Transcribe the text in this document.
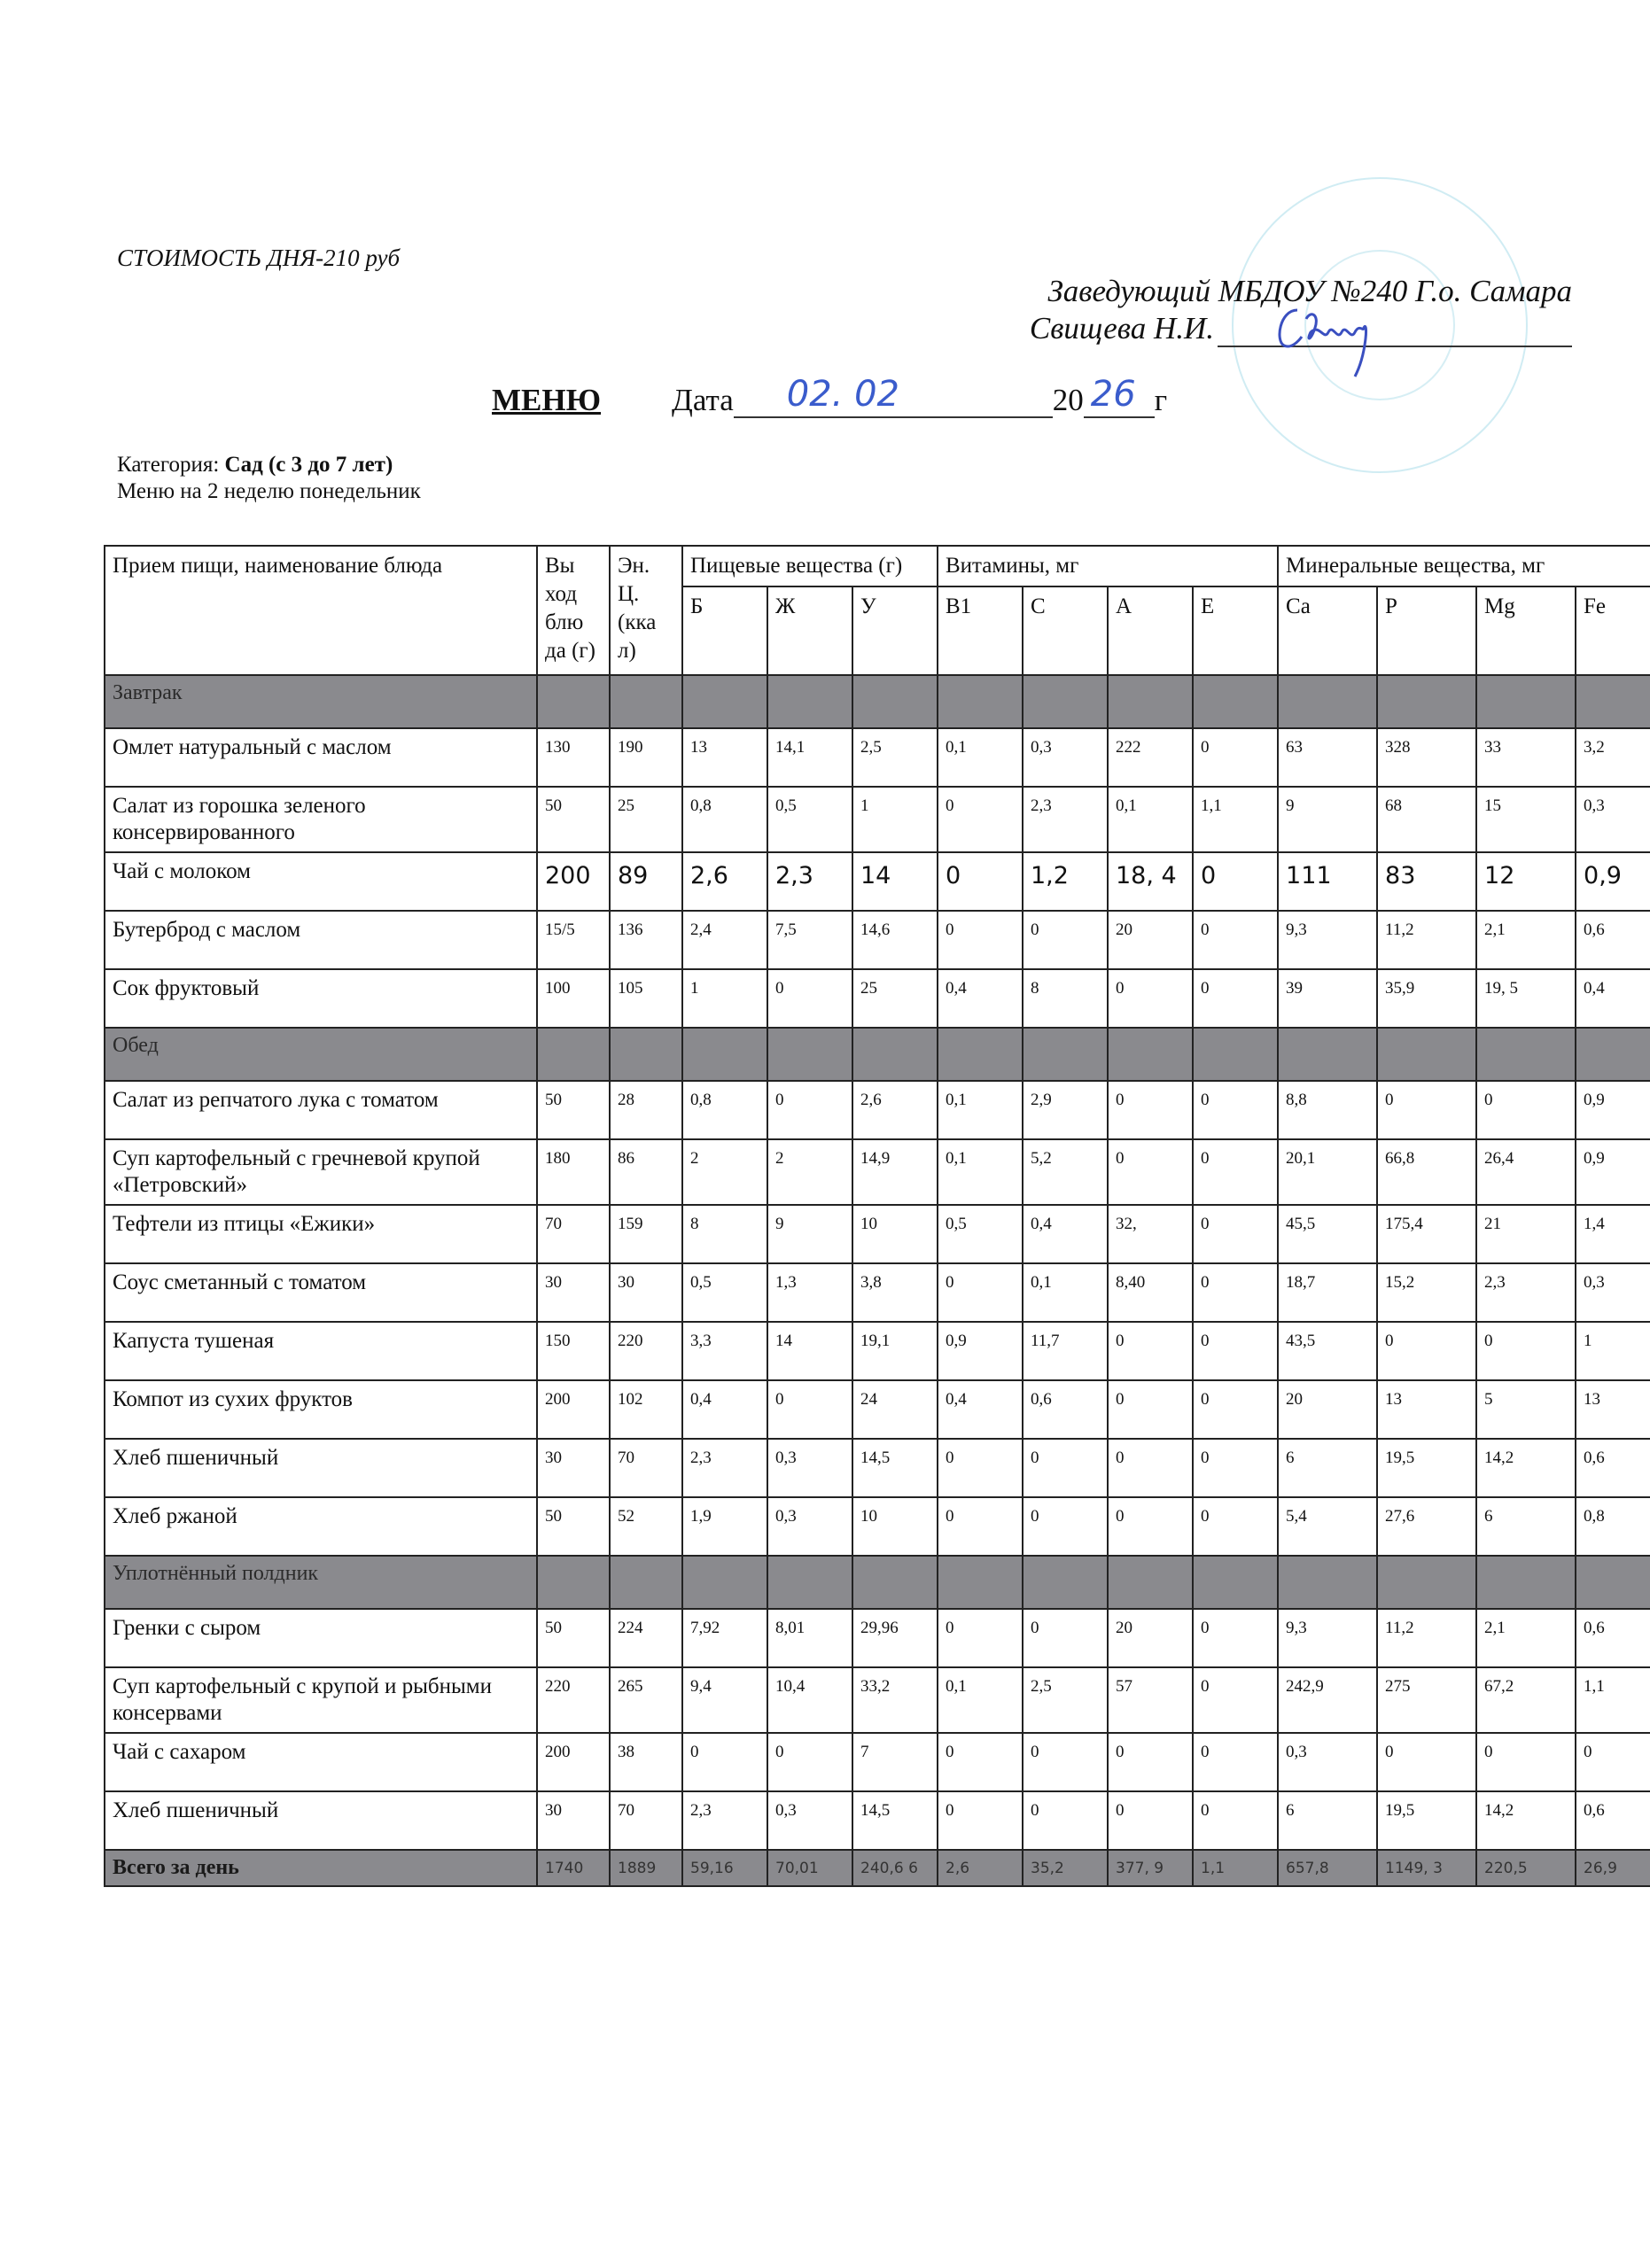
СТОИМОСТЬ ДНЯ-210 руб
Заведующий МБДОУ №240 Г.о. Самара
Свищева Н.И.
МЕНЮ Дата 02. 02	20 26 г
Категория: Сад (с 3 до 7 лет)
Меню на 2 неделю понедельник
Прием пищи, наименование блюда	Вы ход блю да (г)	Эн. Ц. (кка л)	Пищевые вещества (г)			Витамины, мг				Минеральные вещества, мг			
			Б	Ж	У	B1	C	A	E	Ca	P	Mg	Fe
Завтрак													
Омлет натуральный с маслом	130	190	13	14,1	2,5	0,1	0,3	222	0	63	328	33	3,2
Салат из горошка зеленого консервированного	50	25	0,8	0,5	1	0	2,3	0,1	1,1	9	68	15	0,3
Чай с молоком	200	89	2,6	2,3	14	0	1,2	18, 4	0	111	83	12	0,9
Бутерброд с маслом	15/5	136	2,4	7,5	14,6	0	0	20	0	9,3	11,2	2,1	0,6
Сок фруктовый	100	105	1	0	25	0,4	8	0	0	39	35,9	19, 5	0,4
Обед													
Салат из репчатого лука с томатом	50	28	0,8	0	2,6	0,1	2,9	0	0	8,8	0	0	0,9
Суп картофельный с гречневой крупой «Петровский»	180	86	2	2	14,9	0,1	5,2	0	0	20,1	66,8	26,4	0,9
Тефтели из птицы «Ежики»	70	159	8	9	10	0,5	0,4	32,	0	45,5	175,4	21	1,4
Соус сметанный с томатом	30	30	0,5	1,3	3,8	0	0,1	8,40	0	18,7	15,2	2,3	0,3
Капуста тушеная	150	220	3,3	14	19,1	0,9	11,7	0	0	43,5	0	0	1
Компот из сухих фруктов	200	102	0,4	0	24	0,4	0,6	0	0	20	13	5	13
Хлеб пшеничный	30	70	2,3	0,3	14,5	0	0	0	0	6	19,5	14,2	0,6
Хлеб ржаной	50	52	1,9	0,3	10	0	0	0	0	5,4	27,6	6	0,8
Уплотнённый полдник													
Гренки с сыром	50	224	7,92	8,01	29,96	0	0	20	0	9,3	11,2	2,1	0,6
Суп картофельный с крупой и рыбными консервами	220	265	9,4	10,4	33,2	0,1	2,5	57	0	242,9	275	67,2	1,1
Чай с сахаром	200	38	0	0	7	0	0	0	0	0,3	0	0	0
Хлеб пшеничный	30	70	2,3	0,3	14,5	0	0	0	0	6	19,5	14,2	0,6
Всего за день	1740	1889	59,16	70,01	240,6 6	2,6	35,2	377, 9	1,1	657,8	1149, 3	220,5	26,9
